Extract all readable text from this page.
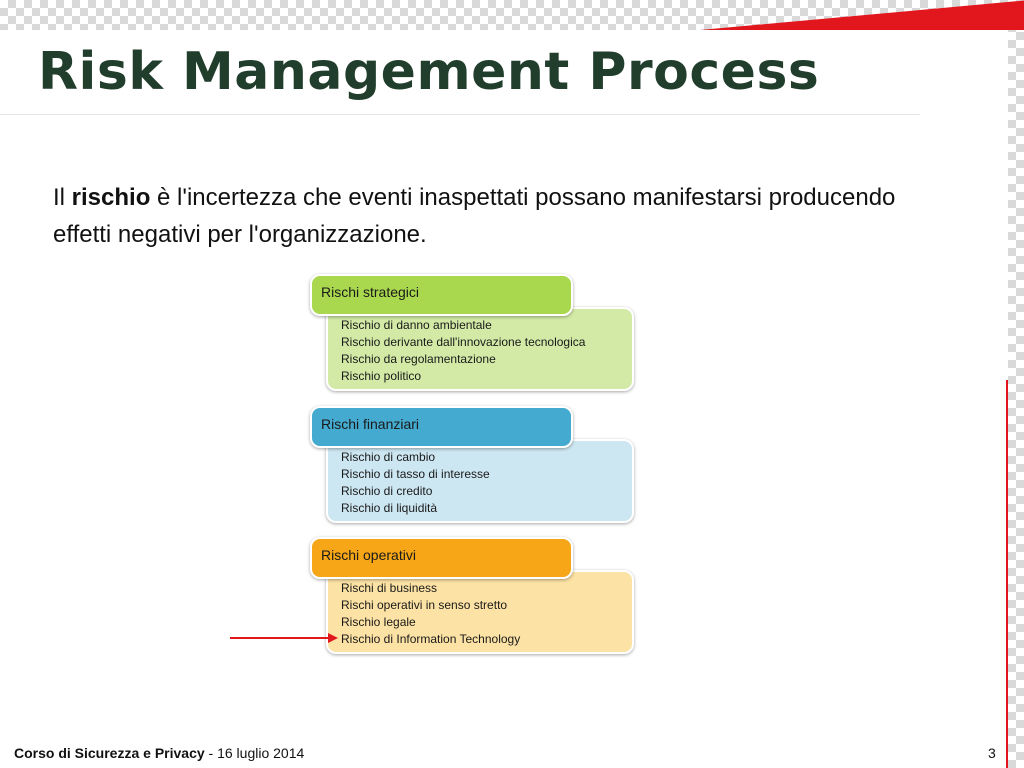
Risk Management Process

Il rischio è l'incertezza che eventi inaspettati possano manifestarsi producendo effetti negativi per l'organizzazione.

Rischio di danno ambientale
Rischio derivante dall'innovazione tecnologica
Rischio da regolamentazione
Rischio politico
Rischi strategici
Rischio di cambio
Rischio di tasso di interesse
Rischio di credito
Rischio di liquidità
Rischi finanziari
Rischi di business
Rischi operativi in senso stretto
Rischio legale
Rischio di Information Technology
Rischi operativi
Corso di Sicurezza e Privacy - 16 luglio 2014	3
